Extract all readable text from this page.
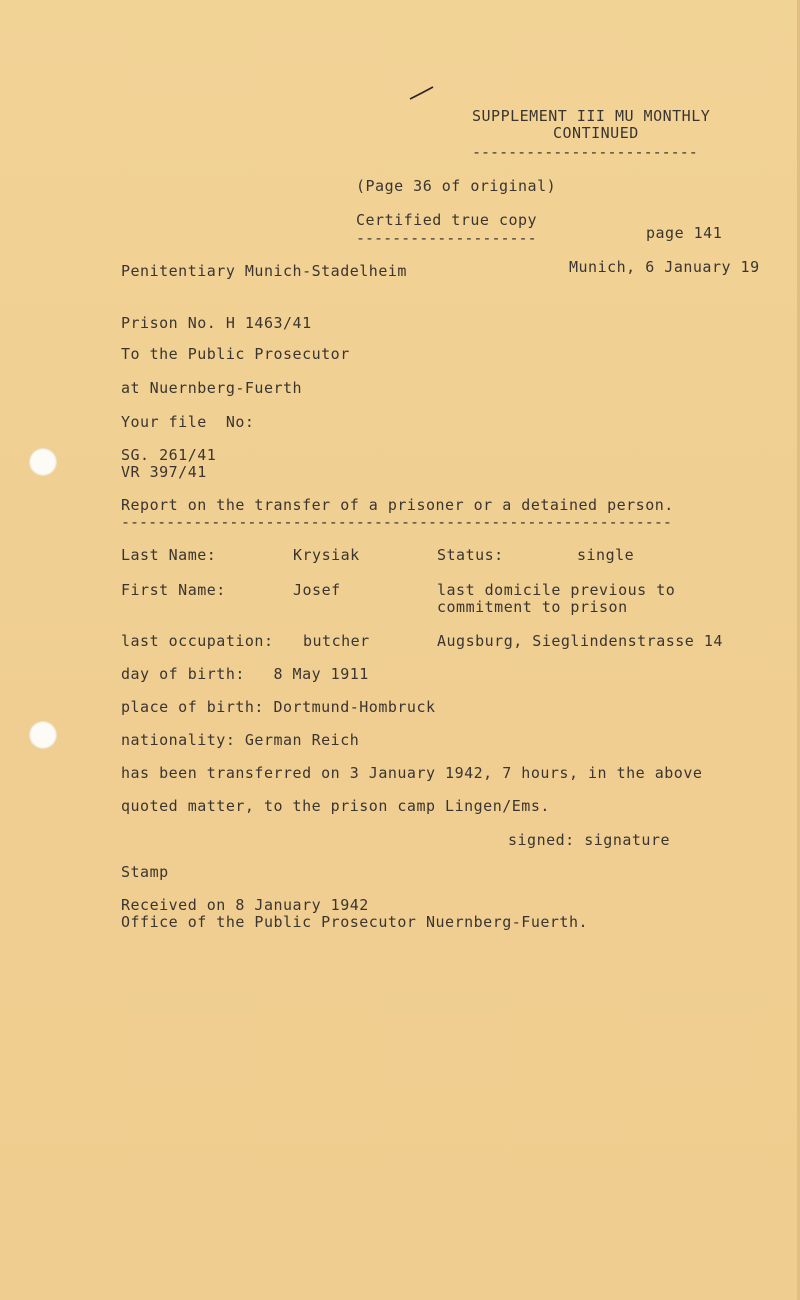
SUPPLEMENT III MU MONTHLY
CONTINUED
-------------------------
(Page 36 of original)
Certified true copy
--------------------	page 141
Penitentiary Munich-Stadelheim	Munich, 6 January 19
Prison No. H 1463/41
To the Public Prosecutor
at Nuernberg-Fuerth
Your file  No:
SG. 261/41
VR 397/41
Report on the transfer of a prisoner or a detained person.
-------------------------------------------------------------
Last Name:	Krysiak	Status:	single
First Name:	Josef	last domicile previous to
commitment to prison
last occupation: butcher	Augsburg, Sieglindenstrasse 14
day of birth:   8 May 1911
place of birth: Dortmund-Hombruck
nationality: German Reich
has been transferred on 3 January 1942, 7 hours, in the above
quoted matter, to the prison camp Lingen/Ems.
signed: signature
Stamp
Received on 8 January 1942
Office of the Public Prosecutor Nuernberg-Fuerth.
